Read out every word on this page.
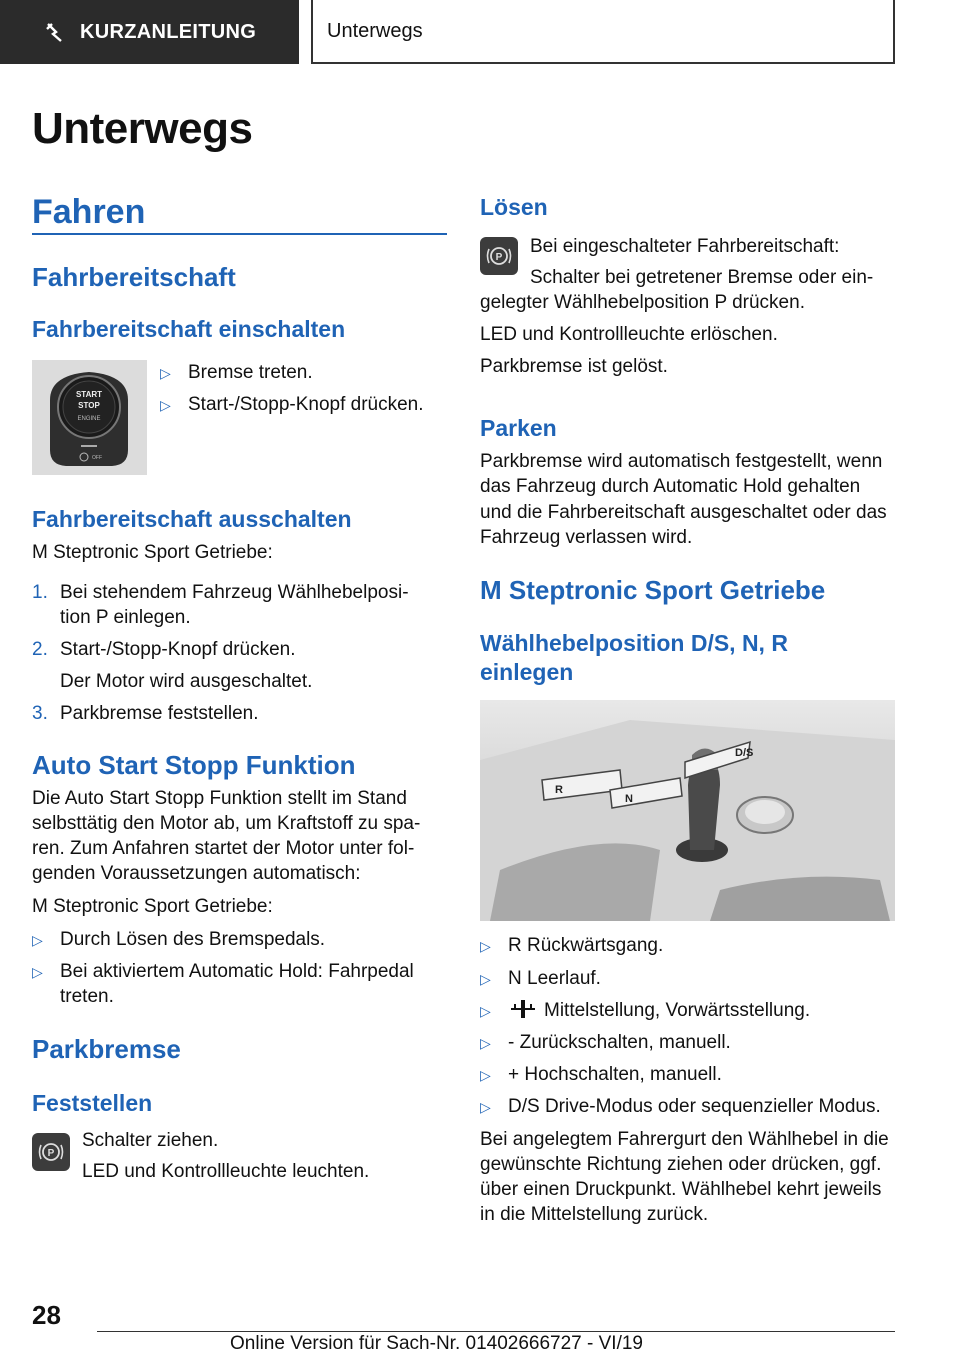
KURZANLEITUNG	Unterwegs
Unterwegs
Fahren
Fahrbereitschaft
Fahrbereitschaft einschalten
START
STOP
ENGINE
OFF
▷ Bremse treten.
▷ Start-/Stopp-Knopf drücken.
Fahrbereitschaft ausschalten
M Steptronic Sport Getriebe:
1. Bei stehendem Fahrzeug Wählhebelposi-
tion P einlegen.
2. Start-/Stopp-Knopf drücken.
Der Motor wird ausgeschaltet.
3. Parkbremse feststellen.
Auto Start Stopp Funktion
Die Auto Start Stopp Funktion stellt im Stand
selbsttätig den Motor ab, um Kraftstoff zu spa-
ren. Zum Anfahren startet der Motor unter fol-
genden Voraussetzungen automatisch:
M Steptronic Sport Getriebe:
▷ Durch Lösen des Bremspedals.
▷ Bei aktiviertem Automatic Hold: Fahrpedal
treten.
Parkbremse
Feststellen
P
Schalter ziehen.
LED und Kontrollleuchte leuchten.
Lösen
P
Bei eingeschalteter Fahrbereitschaft:
Schalter bei getretener Bremse oder ein-
gelegter Wählhebelposition P drücken.
LED und Kontrollleuchte erlöschen.
Parkbremse ist gelöst.
Parken
Parkbremse wird automatisch festgestellt, wenn
das Fahrzeug durch Automatic Hold gehalten
und die Fahrbereitschaft ausgeschaltet oder das
Fahrzeug verlassen wird.
M Steptronic Sport Getriebe
Wählhebelposition D/S, N, R
einlegen
D/S
R
N
▷ R Rückwärtsgang.
▷ N Leerlauf.
▷	Mittelstellung, Vorwärtsstellung.
▷ - Zurückschalten, manuell.
▷ + Hochschalten, manuell.
▷ D/S Drive-Modus oder sequenzieller Modus.
Bei angelegtem Fahrergurt den Wählhebel in die
gewünschte Richtung ziehen oder drücken, ggf.
über einen Druckpunkt. Wählhebel kehrt jeweils
in die Mittelstellung zurück.
28
Online Version für Sach-Nr. 01402666727 - VI/19
